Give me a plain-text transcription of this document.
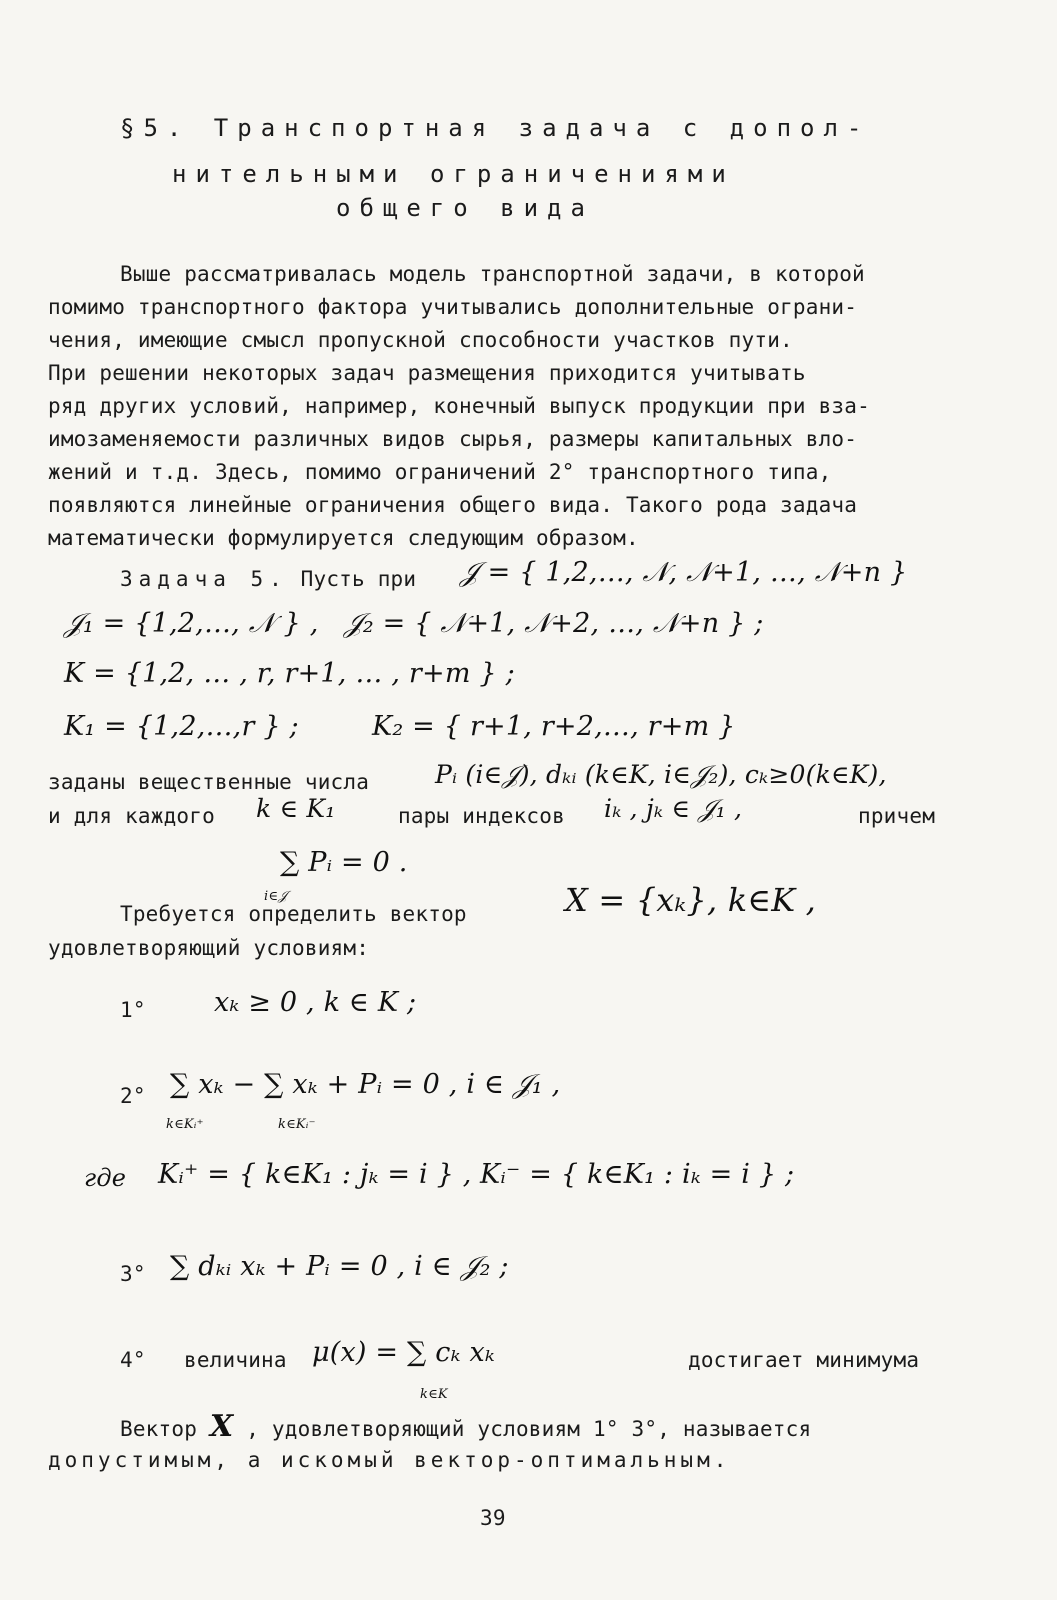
§5. Транспортная задача с допол-
нительными ограничениями
общего вида
Выше рассматривалась модель транспортной задачи, в которой
помимо транспортного фактора учитывались дополнительные ограни-
чения, имеющие смысл пропускной способности участков пути.
При решении некоторых задач размещения приходится учитывать
ряд других условий, например, конечный выпуск продукции при вза-
имозаменяемости различных видов сырья, размеры капитальных вло-
жений и т.д. Здесь, помимо ограничений 2° транспортного типа,
появляются линейные ограничения общего вида. Такого рода задача
математически формулируется следующим образом.
Задача 5. Пусть при 𝒥 = { 1,2,…, 𝒩, 𝒩+1, …, 𝒩+n }
𝒥₁ = {1,2,…, 𝒩 } , 𝒥₂ = { 𝒩+1, 𝒩+2, …, 𝒩+n } ;
K = {1,2, … , r, r+1, … , r+m } ;
K₁ = {1,2,…,r } ;	K₂ = { r+1, r+2,…, r+m }
заданы вещественные числа	Pᵢ (i∈𝒥), dₖᵢ (k∈K, i∈𝒥₂), cₖ≥0(k∈K),
и для каждого k ∈ K₁	пары индексов iₖ , jₖ ∈ 𝒥₁ ,	причем
∑ Pᵢ = 0 .
i∈𝒥
Требуется определить вектор	X = {xₖ}, k∈K ,
удовлетворяющий условиям:
1°	xₖ ≥ 0 , k ∈ K ;
2° ∑ xₖ − ∑ xₖ + Pᵢ = 0 , i ∈ 𝒥₁ ,
k∈Kᵢ⁺	k∈Kᵢ⁻
где Kᵢ⁺ = { k∈K₁ : jₖ = i } , Kᵢ⁻ = { k∈K₁ : iₖ = i } ;
3° ∑ dₖᵢ xₖ + Pᵢ = 0 , i ∈ 𝒥₂ ;
4° величина μ(x) = ∑ cₖ xₖ
k∈K
достигает минимума
Вектор X , удовлетворяющий условиям 1° 3°, называется
допустимым, а искомый вектор-оптимальным.
39
